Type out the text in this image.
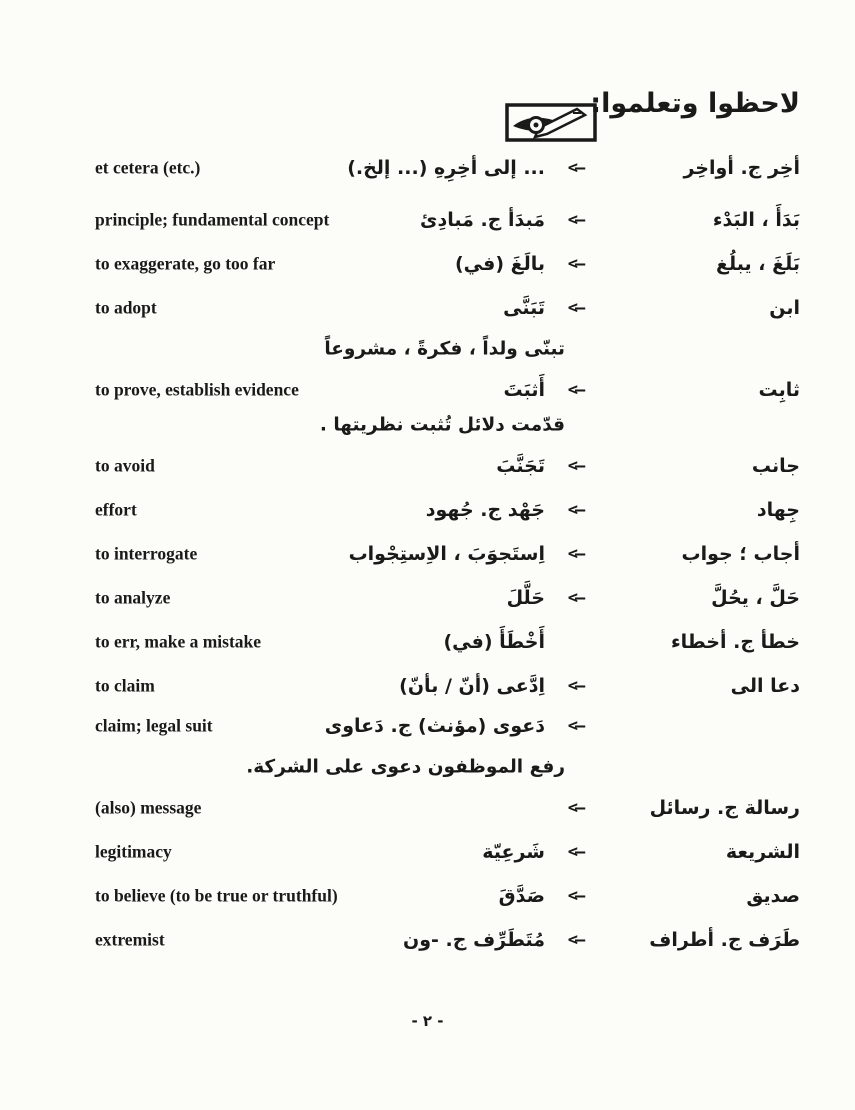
لاحظوا وتعلموا:
et cetera (etc.)	... إلى أخِرِهِ (... إلخ.)	<—	أخِر ج. أواخِر
principle; fundamental concept	مَبدَأ ج. مَبادِئ	<—	بَدَأَ ، البَدْء
to exaggerate, go too far	بالَغَ (في)	<—	بَلَغَ ، يبلُغ
to adopt	تَبَنَّى	<—	ابن
تبنّى ولداً ، فكرةً ، مشروعاً
to prove, establish evidence	أَثبَتَ	<—	ثابِت
قدّمت دلائل تُثبت نظريتها .
to avoid	تَجَنَّبَ	<—	جانب
effort	جَهْد ج. جُهود	<—	جِهاد
to interrogate	اِستَجوَبَ ، الاِستِجْواب	<—	أجاب ؛ جواب
to analyze	حَلَّلَ	<—	حَلَّ ، يحُلَّ
to err, make a mistake	أَخْطَأَ (في)	خطأ ج. أخطاء
to claim	اِدَّعى (أنّ / بأنّ)	<—	دعا الى
claim; legal suit	دَعوى (مؤنث) ج. دَعاوى	<—
رفع الموظفون دعوى على الشركة.
(also) message	<—	رسالة ج. رسائل
legitimacy	شَرعِيّة	<—	الشريعة
to believe (to be true or truthful)	صَدَّقَ	<—	صديق
extremist	مُتَطَرِّف ج. -ون	<—	طَرَف ج. أطراف
- ٢ -
